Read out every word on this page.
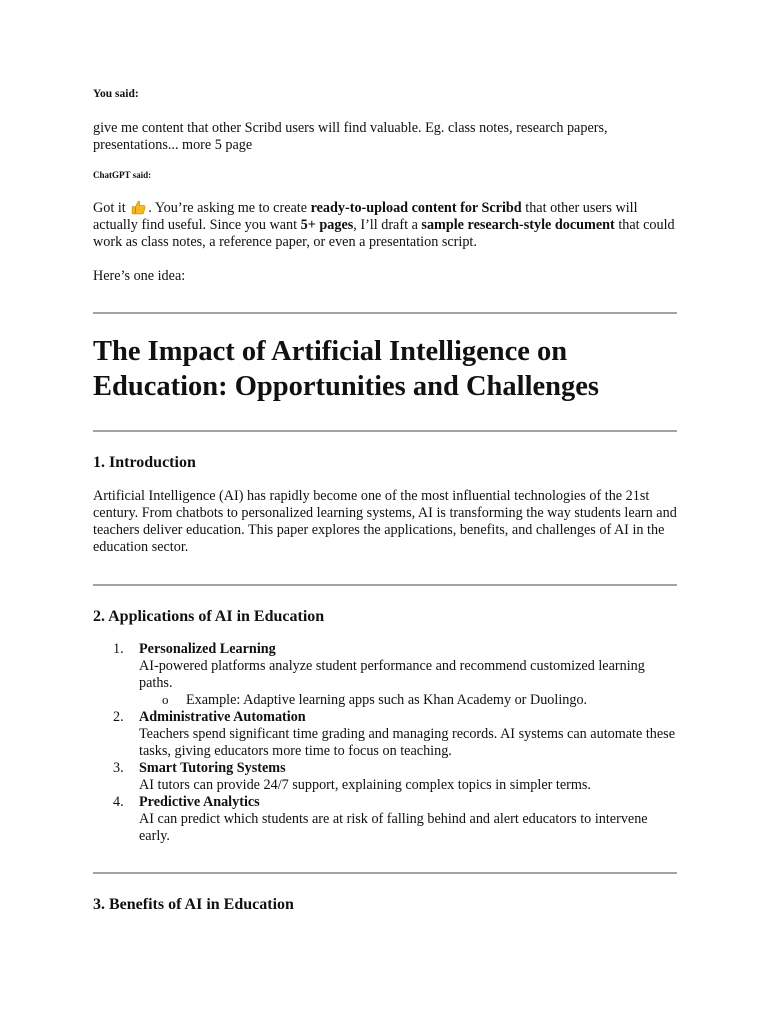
You said:

give me content that other Scribd users will find valuable. Eg. class notes, research papers, presentations... more 5 page

ChatGPT said:

Got it . You’re asking me to create ready-to-upload content for Scribd that other users will actually find useful. Since you want 5+ pages, I’ll draft a sample research-style document that could work as class notes, a reference paper, or even a presentation script.

Here’s one idea:

The Impact of Artificial Intelligence on Education: Opportunities and Challenges
1. Introduction

Artificial Intelligence (AI) has rapidly become one of the most influential technologies of the 21st century. From chatbots to personalized learning systems, AI is transforming the way students learn and teachers deliver education. This paper explores the applications, benefits, and challenges of AI in the education sector.

2. Applications of AI in Education
1. Personalized Learning
AI-powered platforms analyze student performance and recommend customized learning paths.
o Example: Adaptive learning apps such as Khan Academy or Duolingo.
2. Administrative Automation
Teachers spend significant time grading and managing records. AI systems can automate these tasks, giving educators more time to focus on teaching.
3. Smart Tutoring Systems
AI tutors can provide 24/7 support, explaining complex topics in simpler terms.
4. Predictive Analytics
AI can predict which students are at risk of falling behind and alert educators to intervene early.
3. Benefits of AI in Education
